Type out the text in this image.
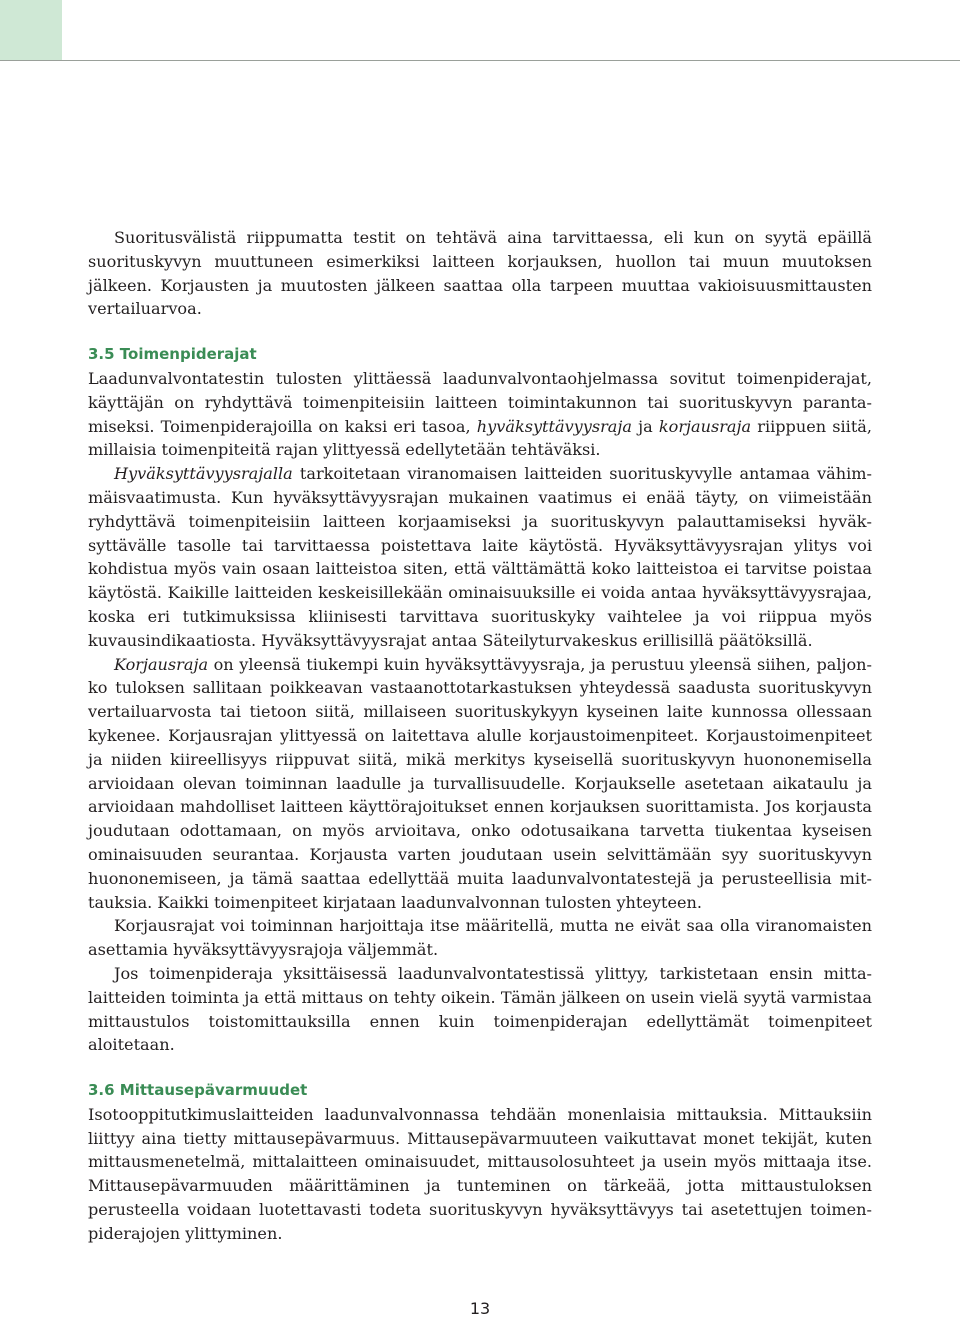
Suoritusvälistä riippumatta testit on tehtävä aina tarvittaessa, eli kun on syytä epäillä suorituskyvyn muuttuneen esimerkiksi laitteen korjauksen, huollon tai muun muutoksen jälkeen. Korjausten ja muutosten jälkeen saattaa olla tarpeen muuttaa vakioisuusmittausten vertailuarvoa.

3.5 Toimenpiderajat

Laadunvalvontatestin tulosten ylittäessä laadunvalvontaohjelmassa sovitut toimenpiderajat, käyttäjän on ryhdyttävä toimenpiteisiin laitteen toimintakunnon tai suorituskyvyn parantamiseksi. Toimenpiderajoilla on kaksi eri tasoa, hyväksyttävyysraja ja korjausraja riippuen siitä, millaisia toimenpiteitä rajan ylittyessä edellytetään tehtäväksi.

Hyväksyttävyysrajalla tarkoitetaan viranomaisen laitteiden suorituskyvylle antamaa vähimmäisvaatimusta. Kun hyväksyttävyysrajan mukainen vaatimus ei enää täyty, on viimeistään ryhdyttävä toimenpiteisiin laitteen korjaamiseksi ja suorituskyvyn palauttamiseksi hyväksyttävälle tasolle tai tarvittaessa poistettava laite käytöstä. Hyväksyttävyysrajan ylitys voi kohdistua myös vain osaan laitteistoa siten, että välttämättä koko laitteistoa ei tarvitse poistaa käytöstä. Kaikille laitteiden keskeisillekään ominaisuuksille ei voida antaa hyväksyttävyysrajaa, koska eri tutkimuksissa kliinisesti tarvittava suorituskyky vaihtelee ja voi riippua myös kuvausindikaatiosta. Hyväksyttävyysrajat antaa Säteilyturvakeskus erillisillä päätöksillä.

Korjausraja on yleensä tiukempi kuin hyväksyttävyysraja, ja perustuu yleensä siihen, paljonko tuloksen sallitaan poikkeavan vastaanottotarkastuksen yhteydessä saadusta suorituskyvyn vertailuarvosta tai tietoon siitä, millaiseen suorituskykyyn kyseinen laite kunnossa ollessaan kykenee. Korjausrajan ylittyessä on laitettava alulle korjaustoimenpiteet. Korjaustoimenpiteet ja niiden kiireellisyys riippuvat siitä, mikä merkitys kyseisellä suorituskyvyn huononemisella arvioidaan olevan toiminnan laadulle ja turvallisuudelle. Korjaukselle asetetaan aikataulu ja arvioidaan mahdolliset laitteen käyttörajoitukset ennen korjauksen suorittamista. Jos korjausta joudutaan odottamaan, on myös arvioitava, onko odotusaikana tarvetta tiukentaa kyseisen ominaisuuden seurantaa. Korjausta varten joudutaan usein selvittämään syy suorituskyvyn huononemiseen, ja tämä saattaa edellyttää muita laadunvalvontatestejä ja perusteellisia mittauksia. Kaikki toimenpiteet kirjataan laadunvalvonnan tulosten yhteyteen.

Korjausrajat voi toiminnan harjoittaja itse määritellä, mutta ne eivät saa olla viranomaisten asettamia hyväksyttävyysrajoja väljemmät.

Jos toimenpideraja yksittäisessä laadunvalvontatestissä ylittyy, tarkistetaan ensin mittalaitteiden toiminta ja että mittaus on tehty oikein. Tämän jälkeen on usein vielä syytä varmistaa mittaustulos toistomittauksilla ennen kuin toimenpiderajan edellyttämät toimenpiteet aloitetaan.

3.6 Mittausepävarmuudet

Isotooppitutkimuslaitteiden laadunvalvonnassa tehdään monenlaisia mittauksia. Mittauksiin liittyy aina tietty mittausepävarmuus. Mittausepävarmuuteen vaikuttavat monet tekijät, kuten mittausmenetelmä, mittalaitteen ominaisuudet, mittausolosuhteet ja usein myös mittaaja itse. Mittausepävarmuuden määrittäminen ja tunteminen on tärkeää, jotta mittaustuloksen perusteella voidaan luotettavasti todeta suorituskyvyn hyväksyttävyys tai asetettujen toimenpiderajojen ylittyminen.

13
